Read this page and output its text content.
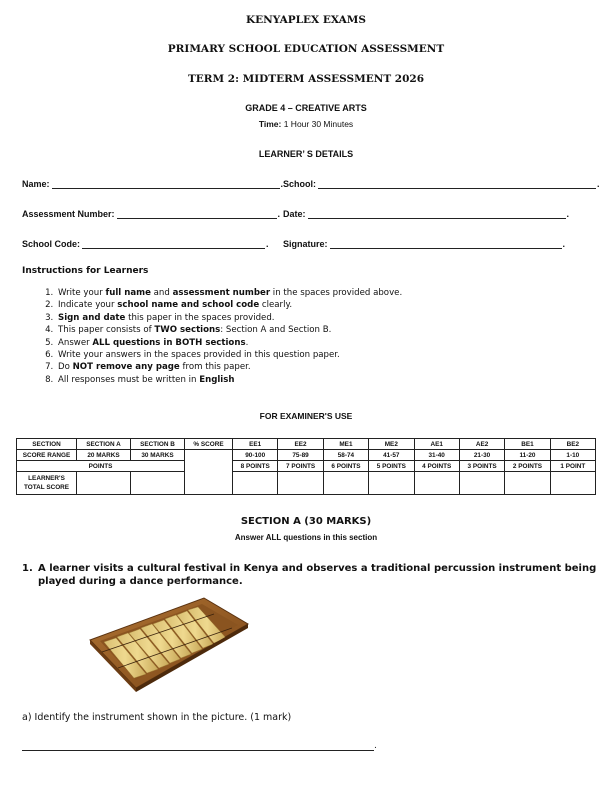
KENYAPLEX EXAMS
PRIMARY SCHOOL EDUCATION ASSESSMENT
TERM 2: MIDTERM ASSESSMENT 2026
GRADE 4 – CREATIVE ARTS
Time: 1 Hour 30 Minutes
LEARNER’ S DETAILS
Name:	. School:	.
Assessment Number:	. Date:	.
School Code:	. Signature:	.
Instructions for Learners
1. Write your full name and assessment number in the spaces provided above.
2. Indicate your school name and school code clearly.
3. Sign and date this paper in the spaces provided.
4. This paper consists of TWO sections: Section A and Section B.
5. Answer ALL questions in BOTH sections.
6. Write your answers in the spaces provided in this question paper.
7. Do NOT remove any page from this paper.
8. All responses must be written in English
FOR EXAMINER'S USE
SECTION	SECTION A	SECTION B	% SCORE	EE1	EE2	ME1	ME2	AE1	AE2	BE1	BE2
SCORE RANGE	20 MARKS	30 MARKS		90-100	75-89	58-74	41-57	31-40	21-30	11-20	1-10
POINTS				8 POINTS	7 POINTS	6 POINTS	5 POINTS	4 POINTS	3 POINTS	2 POINTS	1 POINT
LEARNER'S TOTAL SCORE											
SECTION A (30 MARKS)
Answer ALL questions in this section
1. A learner visits a cultural festival in Kenya and observes a traditional percussion instrument being played during a dance performance.
a) Identify the instrument shown in the picture. (1 mark)
.
